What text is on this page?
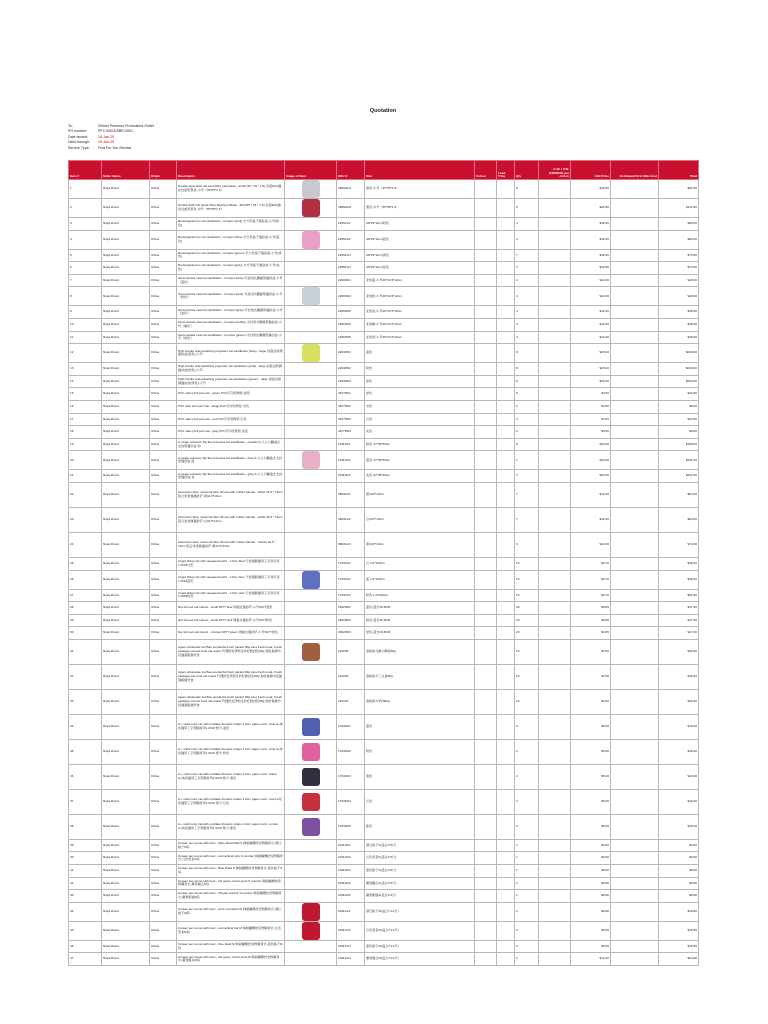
Quotation
To:	Zhimei Premium Promotions Outlet
PO number:	PFY-0001DSBR-0001
Date issued:	18-Jan-25
Valid through:	19-Jan-25
Service Type:	Find For You Service
Item #	Seller Name	Origin	Description	Image of item	SKU #	Size	Colour	Lead Time	Qty	G.W. / V.W. (CBM/KG) per carton	Unit Price	Estimated First Mile Cost	Total
1	Ninja Direct	China	Double layer EVA cat sand filter pad black - small (45 * 35 * 1.5) 双层EVA猫砂过滤垫黑色-小号（45*35*1.5）		36890A/1	黑色-小号（45*35*1.5）			5		$16.50		$82.50
2	Ninja Direct	China	Double EVA Cat Sand Filter Machine Black - Mid (55 * 35 * 1.5) 双层EVA猫砂过滤垫黑色-中号（55*35*1.5）		36890A/2	黑色-中号（55*35*1.5）			5		$22.50		$112.50
3	Ninja Direct	China	Rectangular box cat sandbasin - trumpet (pink) 长方形盒子猫砂盆-小号(粉色)		225511/1	39*29*11cm粉色			4		$16.50		$66.00
4	Ninja Direct	China	Rectangular box cat sandbasin - trumpet (blue) 长方形盒子猫砂盆-小号(蓝色)		225511/2	39*29*11cm蓝色			4		$16.50		$66.00
5	Ninja Direct	China	Rectangular box cat sandbasin - trumpet (green) 长方形盒子猫砂盆-小号(绿色)		225511/3	39*29*11cm绿色			7		$10.50		$73.50
6	Ninja Direct	China	Rectangular box cat sandbasin - trumpet (gray) 长方形盒子猫砂盆-小号(灰色)		225511/4	39*29*11cm灰色			7		$10.50		$73.50
7	Ninja Direct	China	Semi-closed oval cat sandbasin - trumpet (blue) 半封闭式椭圆形猫砂盆-小号（蓝色）		226030/1	北欧蓝-小号49*34.5*12cm			4		$12.00		$48.00
8	Ninja Direct	China	Semi-closed oval cat sandbasin - trumpet (pink) 半封闭式椭圆形猫砂盆-小号（粉色）		226030/2	北欧粉-小号49*34.5*12cm			4		$12.00		$48.00
9	Ninja Direct	China	Semi-closed oval cat sandbasin - trumpet (gray) 半封闭式椭圆形猫砂盆-小号（灰色）		226030/3	北欧灰-小号49*34.5*12cm			4		$12.00		$48.00
10	Ninja Direct	China	Semi-closed oval cat sandbasin - trumpet (coffee) 半封闭式椭圆形猫砂盆-小号（咖色）		226030/4	北欧咖-小号49*34.5*12cm			4		$12.00		$48.00
11	Ninja Direct	China	Semi-sealed oval cat sandbasin - trumpet (green) 半封闭式椭圆形猫砂盆-小号（绿色）		226030/5	北欧绿-小号49*34.5*12cm			4		$12.00		$48.00
12	Ninja Direct	China	High border anti-scattering polyester cat sandbasin (blue) - large 加高边防溅猫砂盆(蓝色)-大号		226405/1	蓝色			8		$25.00		$200.00
13	Ninja Direct	China	High border anti-splashing polyester cat sandbasin (pink) - large 加高边防溅猫砂盆(粉色)-大号		226405/2	粉色			8		$25.00		$200.00
14	Ninja Direct	China	High border anti-splashing polyester cat sandbasin (green) - large 加高边防溅猫砂盆(绿色)-大号		226405/3	绿色			8		$25.00		$200.00
15	Ninja Direct	China	PVC claw print pet mat - green PVC爪印宠物垫-绿色		467756/1	绿色			5		$4.50		$22.50
16	Ninja Direct	China	PVC paw print pet mat - beige PVC爪印宠物垫-米色		467756/2	米色			2		$4.50		$9.00
17	Ninja Direct	China	PVC claw print pet mat - red PVC爪印宠物垫-红色		467756/3	红色			3		$4.50		$13.50
18	Ninja Direct	China	PVC claw print pet mat - gray PVC爪印宠物垫-灰色		467756/4	灰色			2		$4.50		$9.00
19	Ninja Direct	China	A-range entrance flip flat enclosed cat sandbasin - powder A-大入口翻盖式全封闭猫砂盆-粉		231116/1	粉色-47*36*35cm			6		$33.00		$198.00
20	Ninja Direct	China	A-range entrance flip flat enclosed cat sandbasin - blue A-大入口翻盖式全封闭猫砂盆-蓝		231116/2	蓝色-47*36*35cm			7		$33.00		$231.00
21	Ninja Direct	China	A-range entrance flip flat enclosed cat sandbasin - gray A-大入口翻盖式全封闭猫砂盆-灰		231116/3	灰色-47*36*35cm			7		$33.00		$231.00
22	Ninja Direct	China	Aluminum alloy metal cat litter shovel with rubber handle - black 34.5 * 13cm 铝合金金属猫砂铲-黑34.5*13cm		360311/1	黑34.5*13cm			7		$12.00		$84.00
23	Ninja Direct	China	Aluminum alloy metal cat litter shovel with rubber handle - white 34.5 * 13cm 铝合金金属猫砂铲-白34.5*13cm		360311/2	白34.5*13cm			7		$12.00		$84.00
24	Ninja Direct	China	Aluminum alloy metal cat litter shovel with rubber handle - Yellow 34.5 * 13cm 铝合金金属猫砂铲-黄34.5*13cm		360311/3	黄34.5*13cm			6		$12.00		$72.00
25	Ninja Direct	China	Angel Wing Cat with released leash - 1.0cm Red 天使翅膀猫用工字背引带 1.0CM红色		176421/1	红 1.0*120cm			13		$3.70		$48.10
26	Ninja Direct	China	Angel Wing Cat with released leash - 1.0cm blue 天使翅膀猫用工字背引带 1.0CM蓝色		176421/2	蓝 1.0*120cm			13		$3.70		$48.10
27	Ninja Direct	China	Angel Wing Cat with released leash - 1.0cm pink 天使翅膀猫用工字背引带 1.0CM粉色		176421/3	粉色 1.0*120cm			14		$3.70		$51.80
28	Ninja Direct	China	Net formed cat shovel - small 007T blue 网格式猫砂铲-小号007T蓝色		282205/1	蓝色-蓝长39.8CM			20		$0.85		$17.00
29	Ninja Direct	China	Net formed cat shovel - small 007T pink 网格式猫砂铲-小号007T粉色		282205/2	粉色-蓝长39.8CM			20		$0.85		$17.00
30	Ninja Direct	China	Net formed cat shovel - trumpet 007T green 网格式猫砂铲-小号007T绿色		282205/3	绿色-蓝长39.8CM			20		$0.85		$17.00
31	Ninja Direct	China	Agent wholesale Isu Bao wonderful fresh packet 80g tuna fresh meat, Fresh package cat wet food cat snack 代理批发伊纳宝妙好鲜封包80g 金枪鱼鲜肉包猫湿粮猫零食		210236	金枪鱼马蹄小鲷鱼80g			12		$2.50		$30.00
32	Ninja Direct	China	Agent wholesale Isu Bao wonderful fresh packet 80g tuna fresh meat, Fresh package wet food cat snack 代理批发伊纳宝妙好鲜封包80g 金枪鱼鲜肉包猫湿粮猫零食		210236	金枪鱼与三文鱼80g			12		$2.50		$30.00
33	Ninja Direct	China	Agent wholesale Isu Bao wonderful fresh packet 80g tuna fresh meat, Fresh package cat wet food cat snack 代理批发伊纳宝妙好鲜封包80g 金枪鱼鲜肉包猫湿粮猫零食		210101	金枪鱼与鸡肉80g			12		$2.50		$30.00
34	Ninja Direct	China	A + solid color cat with oscillate thoracic straps 1.0cm paper card - blue A+纯色猫用工字型胸背带1.0CM 纸卡-蓝色		176463/1	蓝色			2		$5.00		$10.00
35	Ninja Direct	China	A + solid color cat with oscillate thoracic straps 1.0cm paper card - pink A+纯色猫用工字型胸背带1.0CM 纸卡-粉色		176463/2	粉色			2		$5.00		$10.00
36	Ninja Direct	China	A + solid color cat with oscillate thoracic straps 1.0cm paper card - black A+纯色猫用工字型胸背带1.0CM 纸卡-黑色		176463/3	黑色			2		$5.00		$10.00
37	Ninja Direct	China	A + solid color cat with oscillate thoracic straps 1.0cm paper card - red A+纯色猫用工字型胸背带1.0CM 纸卡-红色		176463/4	红色			2		$5.00		$10.00
38	Ninja Direct	China	A + solid color cat with oscillate thoracic straps 1.0cm paper card - purple A+纯色猫用工字型胸背带1.0CM 纸卡-紫色		176463/5	紫色			2		$5.00		$10.00
39	Ninja Direct	China	Korean pet corset with bow - Wine Red Plaid S 韩版蝴蝶结宠物胸背衣-酒红格子S码		201116/1	酒红格子S(适合3-5斤)			1		$9.90		$9.90
40	Ninja Direct	China	Korean pet corset with bow - red vertical strip S number 韩版蝴蝶结宠物胸背衣-红色竖条S码		201116/2	红色竖条S(适合3-5斤)			1		$9.90		$9.90
41	Ninja Direct	China	Korean pet corset with bow - Blue Plaid S 韩版蝴蝶结宠物胸背衣-蓝色格子S码		201116/3	蓝色格子S(适合3-5斤)			1		$9.90		$9.90
42	Ninja Direct	China	Korean pet corset with bow - Ink green round point S number 韩版蝴蝶结宠物胸背衣-墨绿圆点S码		201116/4	墨绿圆点S(适合3-5斤)			1		$9.90		$9.90
43	Ninja Direct	China	Korean pet corset with bow - Tibetan anchor S number 韩版蝴蝶结宠物胸背衣-藏青船锚S码		201116/5	藏青船锚S(适合3-5斤)			1		$9.90		$9.90
44	Ninja Direct	China	Korean pet corset with bow - wine red lattice M 韩版蝴蝶结宠物胸背衣-酒红格子M码		201121/1	酒红格子M(适合7-12斤)			2		$9.90		$19.80
45	Ninja Direct	China	Korean pet corset with bow - red vertical bar M 韩版蝴蝶结宠物胸背衣-红色竖条M码		201121/2	红色竖条M(适合7-12斤)			2		$9.90		$19.80
46	Ninja Direct	China	Korean pet corset with bow - blue plaid M 韩版蝴蝶结宠物胸背衣-蓝色格子M码		201121/3	蓝色格子M(适合7-12斤)			2		$9.90		$19.80
47	Ninja Direct	China	Korean pet corset with bow - Ink green round point M 韩版蝴蝶结宠物胸背衣-墨绿圆点M码		201121/4	墨绿圆点M(适合7-12斤)			2		$12.00		$24.00
